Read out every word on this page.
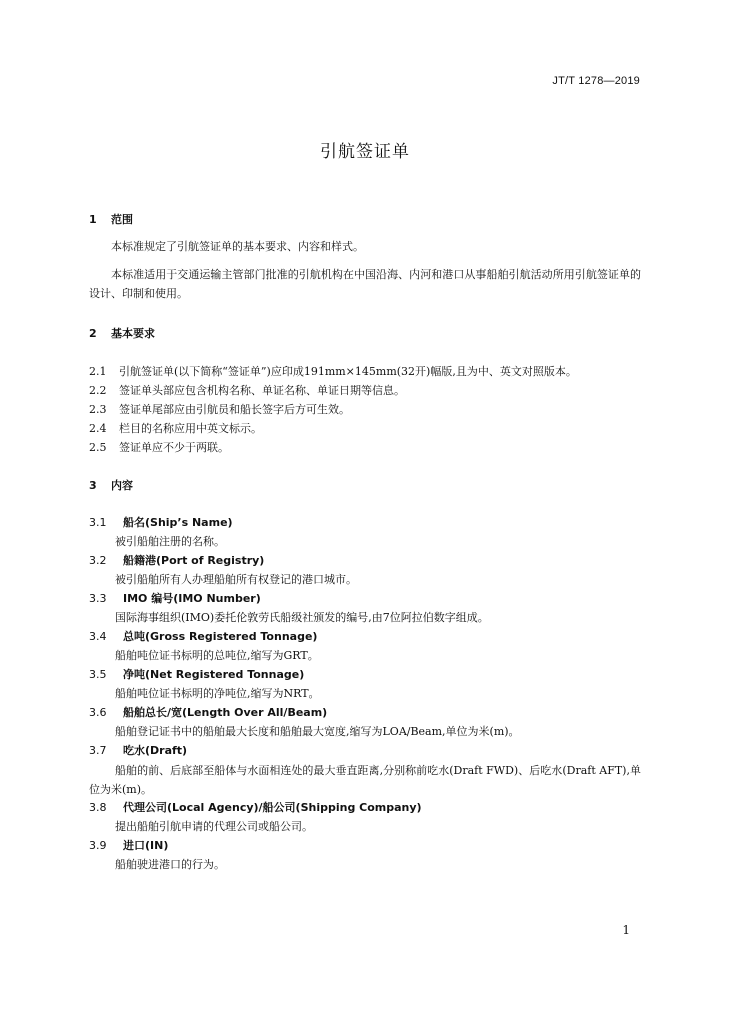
JT/T 1278—2019
引航签证单
1 范围
本标准规定了引航签证单的基本要求、内容和样式。
本标准适用于交通运输主管部门批准的引航机构在中国沿海、内河和港口从事船舶引航活动所用引航签证单的设计、印制和使用。
2 基本要求
2.1 引航签证单(以下简称“签证单”)应印成191mm×145mm(32开)幅版,且为中、英文对照版本。
2.2 签证单头部应包含机构名称、单证名称、单证日期等信息。
2.3 签证单尾部应由引航员和船长签字后方可生效。
2.4 栏目的名称应用中英文标示。
2.5 签证单应不少于两联。
3 内容
3.1 船名(Ship’s Name)
被引船舶注册的名称。
3.2 船籍港(Port of Registry)
被引船舶所有人办理船舶所有权登记的港口城市。
3.3 IMO 编号(IMO Number)
国际海事组织(IMO)委托伦敦劳氏船级社颁发的编号,由7位阿拉伯数字组成。
3.4 总吨(Gross Registered Tonnage)
船舶吨位证书标明的总吨位,缩写为GRT。
3.5 净吨(Net Registered Tonnage)
船舶吨位证书标明的净吨位,缩写为NRT。
3.6 船舶总长/宽(Length Over All/Beam)
船舶登记证书中的船舶最大长度和船舶最大宽度,缩写为LOA/Beam,单位为米(m)。
3.7 吃水(Draft)
船舶的前、后底部至船体与水面相连处的最大垂直距离,分别称前吃水(Draft FWD)、后吃水(Draft AFT),单位为米(m)。
3.8 代理公司(Local Agency)/船公司(Shipping Company)
提出船舶引航申请的代理公司或船公司。
3.9 进口(IN)
船舶驶进港口的行为。
1
